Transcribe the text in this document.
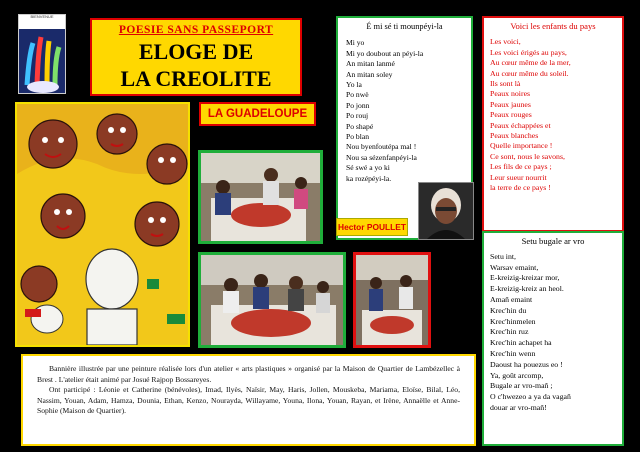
BIENVENUE
POESIE SANS PASSEPORT
ELOGE DE
LA CREOLITE
LA GUADELOUPE
É mi sé ti mounpéyi-la
Mi yo
Mi yo doubout an péyi-la
An mitan lanmé
An mitan soley
Yo la
Po nwè
Po jonn
Po rouj
Po shapé
Po blan
Nou byenfoutépa mal !
Nou sa sézenfanpéyi-la
Sé swé a yo ki
ka rozépéyi-la.
Hector POULLET
Voici les enfants du pays
Les voici,
Les voici érigés au pays,
Au cœur même de la mer,
Au cœur même du soleil.
Ils sont là
Peaux noires
Peaux jaunes
Peaux rouges
Peaux échappées et
Peaux blanches
Quelle importance !
Ce sont, nous le savons,
Les fils de ce pays ;
Leur sueur nourrit
la terre de ce pays !
Setu bugale ar vro
Setu int,
Warsav emaint,
E-kreizig-kreizar mor,
E-kreizig-kreiz an heol.
Amañ emaint
Krec'hin du
Krec'hinmelen
Krec'hin ruz
Krec'hin achapet ha
Krec'hin wenn
Daoust ha pouezus eo !
Ya, goût arcomp,
Bugale ar vro-mañ ;
O c'hwezeo a ya da vagañ
douar ar vro-mañ!

Bannière illustrée par une peinture réalisée lors d'un atelier « arts plastiques » organisé par la Maison de Quartier de Lambézellec à Brest . L'atelier était animé par Josué Rajpop Bossareyes.

Ont participé : Léonie et Catherine (bénévoles), Imad, Ilyès, Naïsir, May, Haris, Jollen, Mouskeba, Mariama, Eloïse, Bilal, Léo, Nassim, Youan, Adam, Hamza, Dounia, Ethan, Kenzo, Nourayda, Willayame, Youna, Ilona, Youan, Rayan, et Irène, Annaëlle et Anne-Sophie (Maison de Quartier).
